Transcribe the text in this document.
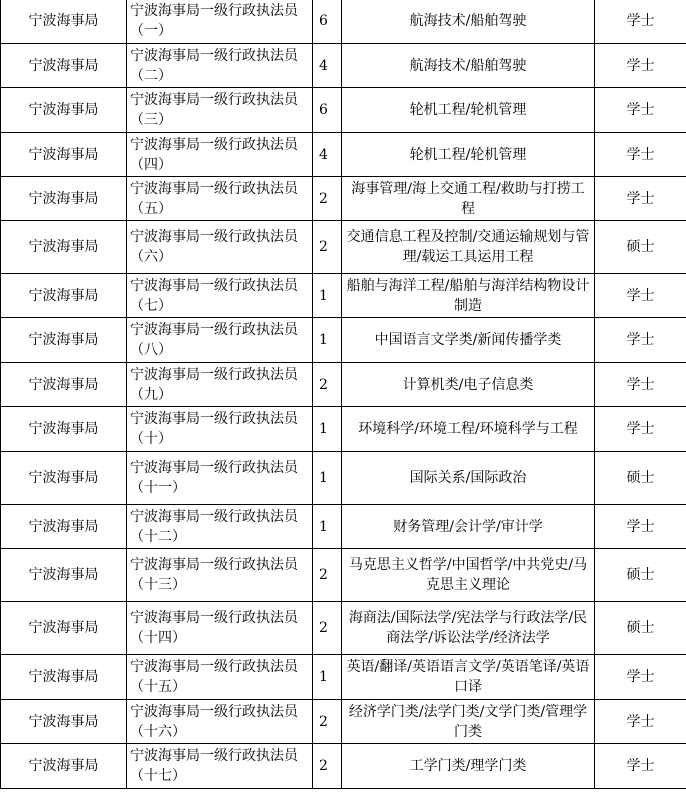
宁波海事局	宁波海事局一级行政执法员（一）	6	航海技术/船舶驾驶	学士
宁波海事局	宁波海事局一级行政执法员（二）	4	航海技术/船舶驾驶	学士
宁波海事局	宁波海事局一级行政执法员（三）	6	轮机工程/轮机管理	学士
宁波海事局	宁波海事局一级行政执法员（四）	4	轮机工程/轮机管理	学士
宁波海事局	宁波海事局一级行政执法员（五）	2	海事管理/海上交通工程/救助与打捞工程	学士
宁波海事局	宁波海事局一级行政执法员（六）	2	交通信息工程及控制/交通运输规划与管理/载运工具运用工程	硕士
宁波海事局	宁波海事局一级行政执法员（七）	1	船舶与海洋工程/船舶与海洋结构物设计制造	学士
宁波海事局	宁波海事局一级行政执法员（八）	1	中国语言文学类/新闻传播学类	学士
宁波海事局	宁波海事局一级行政执法员（九）	2	计算机类/电子信息类	学士
宁波海事局	宁波海事局一级行政执法员（十）	1	环境科学/环境工程/环境科学与工程	学士
宁波海事局	宁波海事局一级行政执法员（十一）	1	国际关系/国际政治	硕士
宁波海事局	宁波海事局一级行政执法员（十二）	1	财务管理/会计学/审计学	学士
宁波海事局	宁波海事局一级行政执法员（十三）	2	马克思主义哲学/中国哲学/中共党史/马克思主义理论	硕士
宁波海事局	宁波海事局一级行政执法员（十四）	2	海商法/国际法学/宪法学与行政法学/民商法学/诉讼法学/经济法学	硕士
宁波海事局	宁波海事局一级行政执法员（十五）	1	英语/翻译/英语语言文学/英语笔译/英语口译	学士
宁波海事局	宁波海事局一级行政执法员（十六）	2	经济学门类/法学门类/文学门类/管理学门类	学士
宁波海事局	宁波海事局一级行政执法员（十七）	2	工学门类/理学门类	学士
